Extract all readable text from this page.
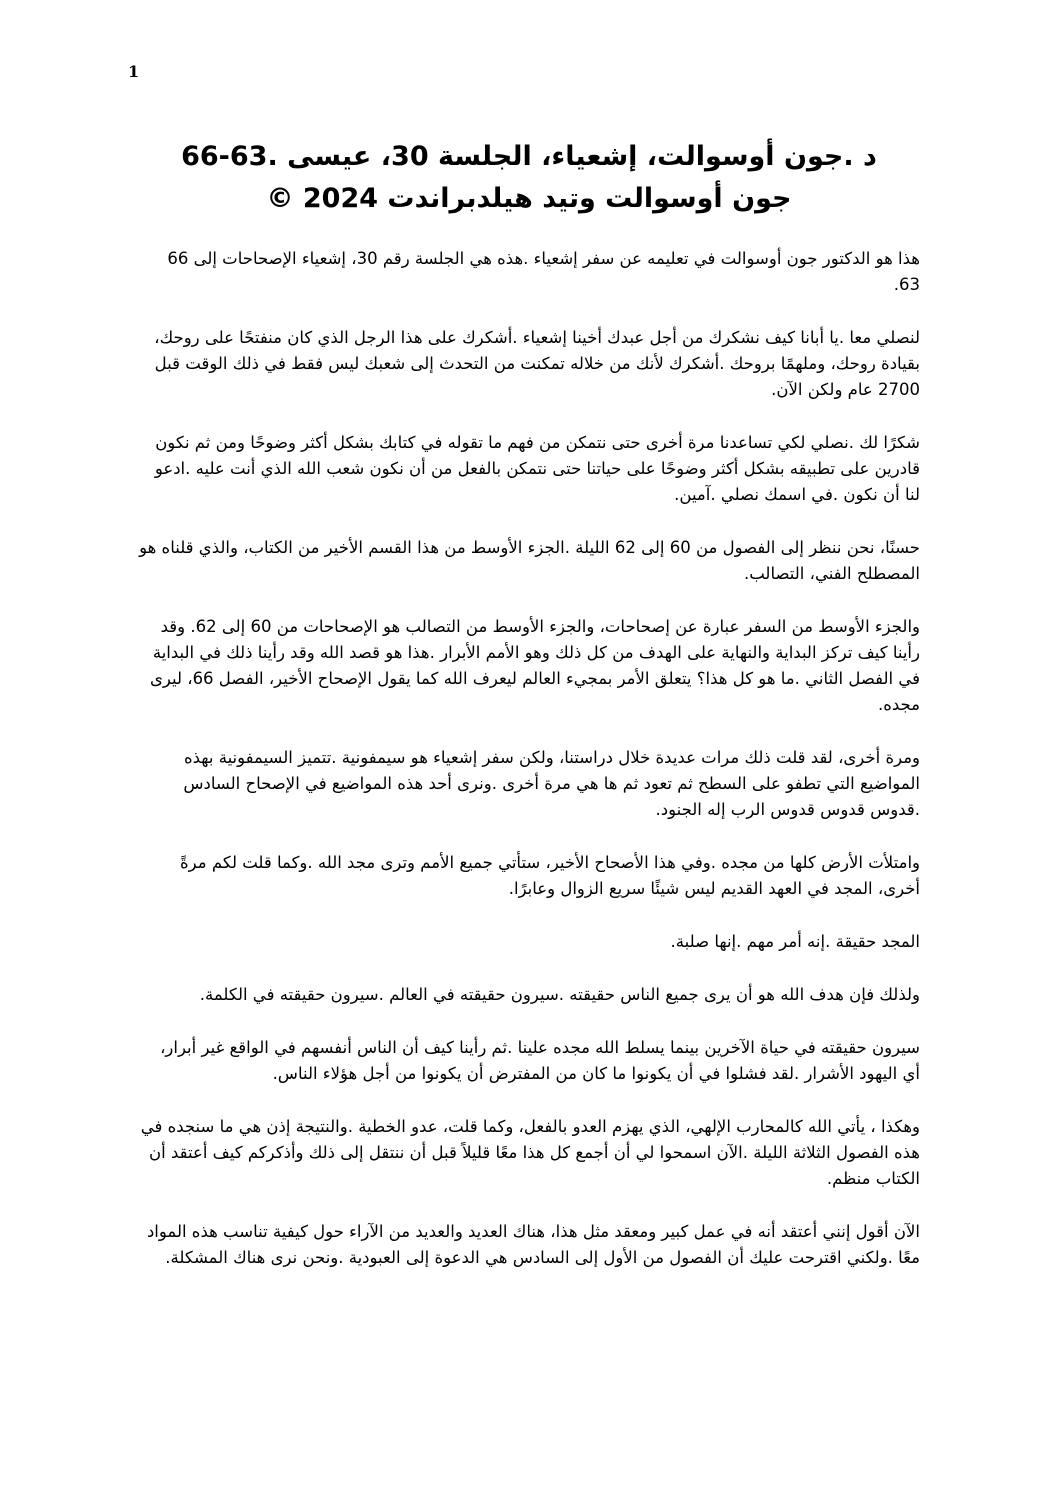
1
د .جون أوسوالت، إشعياء، الجلسة 30، عيسى .63-66
جون أوسوالت وتيد هيلدبراندت 2024 ©

هذا هو الدكتور جون أوسوالت في تعليمه عن سفر إشعياء .هذه هي الجلسة رقم 30، إشعياء الإصحاحات إلى 66 63.

لنصلي معا .يا أبانا كيف نشكرك من أجل عبدك أخينا إشعياء .أشكرك على هذا الرجل الذي كان منفتحًا على روحك، بقيادة روحك، وملهمًا بروحك .أشكرك لأنك من خلاله تمكنت من التحدث إلى شعبك ليس فقط في ذلك الوقت قبل 2700 عام ولكن الآن.

شكرًا لك .نصلي لكي تساعدنا مرة أخرى حتى نتمكن من فهم ما تقوله في كتابك بشكل أكثر وضوحًا ومن ثم نكون قادرين على تطبيقه بشكل أكثر وضوحًا على حياتنا حتى نتمكن بالفعل من أن نكون شعب الله الذي أنت عليه .ادعو لنا أن نكون .في اسمك نصلي .آمين.

حسنًا، نحن ننظر إلى الفصول من 60 إلى 62 الليلة .الجزء الأوسط من هذا القسم الأخير من الكتاب، والذي قلناه هو المصطلح الفني، التصالب.

والجزء الأوسط من السفر عبارة عن إصحاحات، والجزء الأوسط من التصالب هو الإصحاحات من 60 إلى 62. وقد رأينا كيف تركز البداية والنهاية على الهدف من كل ذلك وهو الأمم الأبرار .هذا هو قصد الله وقد رأينا ذلك في البداية في الفصل الثاني .ما هو كل هذا؟ يتعلق الأمر بمجيء العالم ليعرف الله كما يقول الإصحاح الأخير، الفصل 66، ليرى مجده.

ومرة أخرى، لقد قلت ذلك مرات عديدة خلال دراستنا، ولكن سفر إشعياء هو سيمفونية .تتميز السيمفونية بهذه المواضيع التي تطفو على السطح ثم تعود ثم ها هي مرة أخرى .ونرى أحد هذه المواضيع في الإصحاح السادس .قدوس قدوس قدوس الرب إله الجنود.

وامتلأت الأرض كلها من مجده .وفي هذا الأصحاح الأخير، ستأتي جميع الأمم وترى مجد الله .وكما قلت لكم مرةً أخرى، المجد في العهد القديم ليس شيئًا سريع الزوال وعابرًا.

المجد حقيقة .إنه أمر مهم .إنها صلبة.

ولذلك فإن هدف الله هو أن يرى جميع الناس حقيقته .سيرون حقيقته في العالم .سيرون حقيقته في الكلمة.

سيرون حقيقته في حياة الآخرين بينما يسلط الله مجده علينا .ثم رأينا كيف أن الناس أنفسهم في الواقع غير أبرار، أي اليهود الأشرار .لقد فشلوا في أن يكونوا ما كان من المفترض أن يكونوا من أجل هؤلاء الناس.

وهكذا ، يأتي الله كالمحارب الإلهي، الذي يهزم العدو بالفعل، وكما قلت، عدو الخطية .والنتيجة إذن هي ما سنجده في هذه الفصول الثلاثة الليلة .الآن اسمحوا لي أن أجمع كل هذا معًا قليلاً قبل أن ننتقل إلى ذلك وأذكركم كيف أعتقد أن الكتاب منظم.

الآن أقول إنني أعتقد أنه في عمل كبير ومعقد مثل هذا، هناك العديد والعديد من الآراء حول كيفية تناسب هذه المواد معًا .ولكني اقترحت عليك أن الفصول من الأول إلى السادس هي الدعوة إلى العبودية .ونحن نرى هناك المشكلة.
